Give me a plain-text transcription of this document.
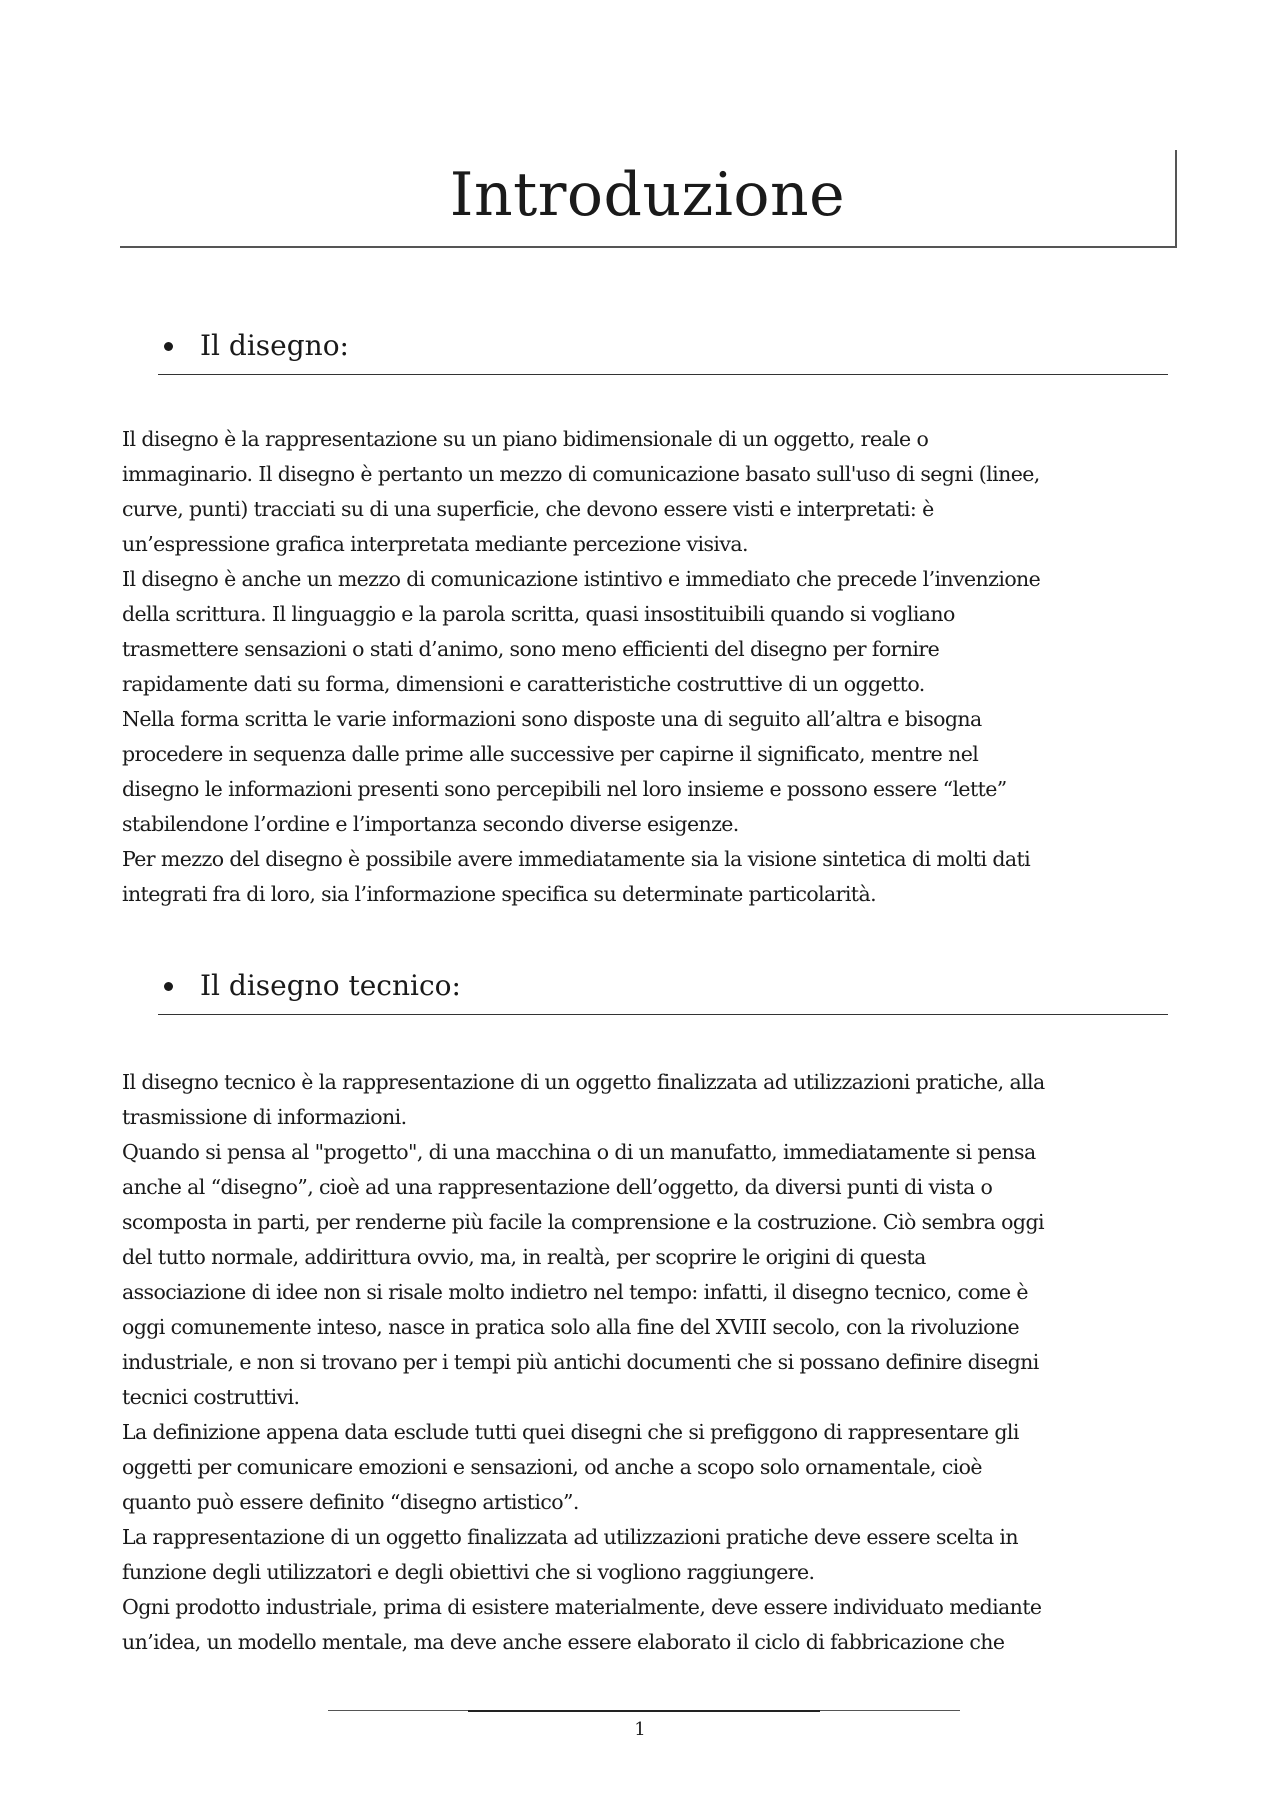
Introduzione
Il disegno:
Il disegno è la rappresentazione su un piano bidimensionale di un oggetto, reale o
immaginario. Il disegno è pertanto un mezzo di comunicazione basato sull'uso di segni (linee,
curve, punti) tracciati su di una superficie, che devono essere visti e interpretati: è
un’espressione grafica interpretata mediante percezione visiva.
Il disegno è anche un mezzo di comunicazione istintivo e immediato che precede l’invenzione
della scrittura. Il linguaggio e la parola scritta, quasi insostituibili quando si vogliano
trasmettere sensazioni o stati d’animo, sono meno efficienti del disegno per fornire
rapidamente dati su forma, dimensioni e caratteristiche costruttive di un oggetto.
Nella forma scritta le varie informazioni sono disposte una di seguito all’altra e bisogna
procedere in sequenza dalle prime alle successive per capirne il significato, mentre nel
disegno le informazioni presenti sono percepibili nel loro insieme e possono essere “lette”
stabilendone l’ordine e l’importanza secondo diverse esigenze.
Per mezzo del disegno è possibile avere immediatamente sia la visione sintetica di molti dati
integrati fra di loro, sia l’informazione specifica su determinate particolarità.
Il disegno tecnico:
Il disegno tecnico è la rappresentazione di un oggetto finalizzata ad utilizzazioni pratiche, alla
trasmissione di informazioni.
Quando si pensa al "progetto", di una macchina o di un manufatto, immediatamente si pensa
anche al “disegno”, cioè ad una rappresentazione dell’oggetto, da diversi punti di vista o
scomposta in parti, per renderne più facile la comprensione e la costruzione. Ciò sembra oggi
del tutto normale, addirittura ovvio, ma, in realtà, per scoprire le origini di questa
associazione di idee non si risale molto indietro nel tempo: infatti, il disegno tecnico, come è
oggi comunemente inteso, nasce in pratica solo alla fine del XVIII secolo, con la rivoluzione
industriale, e non si trovano per i tempi più antichi documenti che si possano definire disegni
tecnici costruttivi.
La definizione appena data esclude tutti quei disegni che si prefiggono di rappresentare gli
oggetti per comunicare emozioni e sensazioni, od anche a scopo solo ornamentale, cioè
quanto può essere definito “disegno artistico”.
La rappresentazione di un oggetto finalizzata ad utilizzazioni pratiche deve essere scelta in
funzione degli utilizzatori e degli obiettivi che si vogliono raggiungere.
Ogni prodotto industriale, prima di esistere materialmente, deve essere individuato mediante
un’idea, un modello mentale, ma deve anche essere elaborato il ciclo di fabbricazione che
1
